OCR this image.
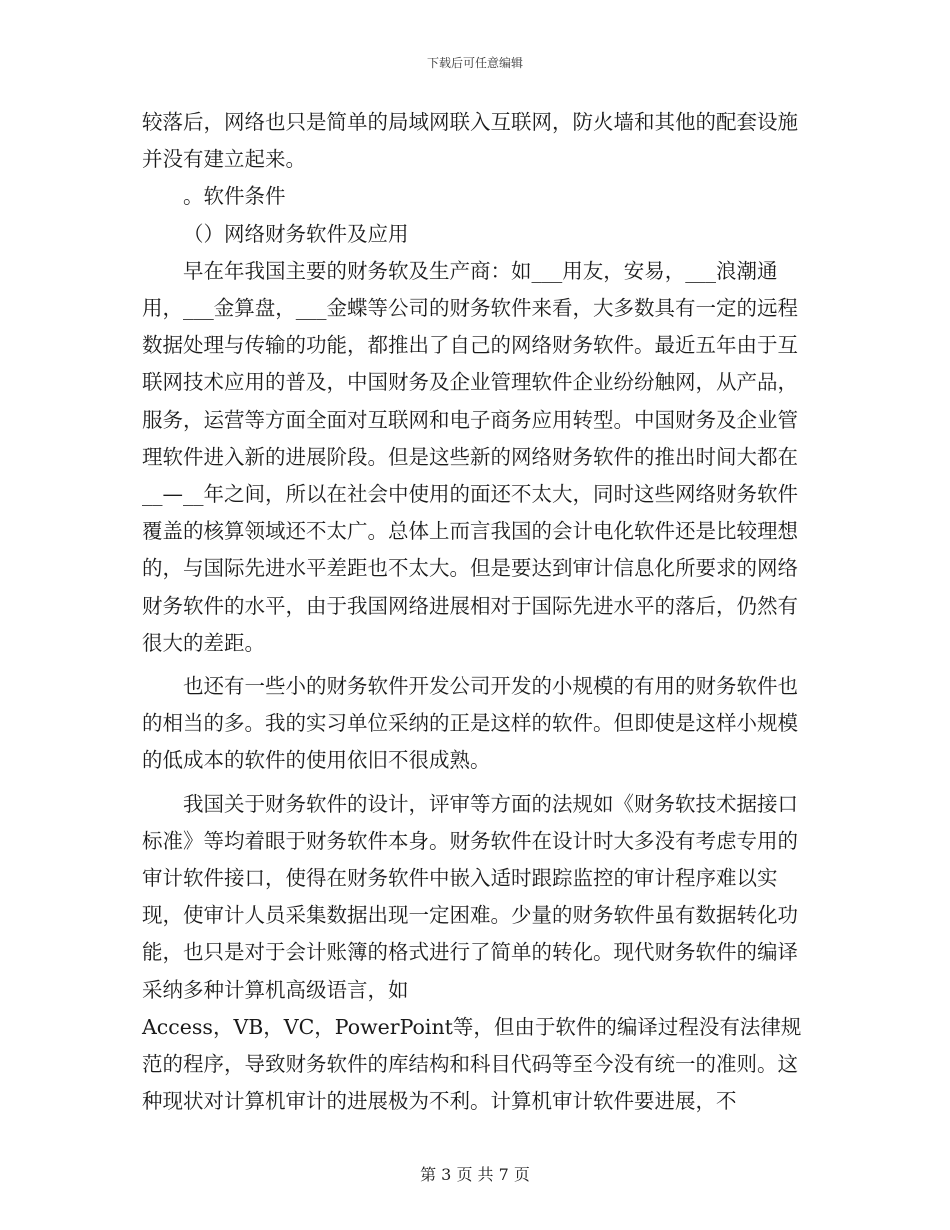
下载后可任意编辑

较落后，网络也只是简单的局域网联入互联网，防火墙和其他的配套设施并没有建立起来。

。软件条件

（）网络财务软件及应用

早在年我国主要的财务软及生产商：如___用友，安易，___浪潮通用，___金算盘，___金蝶等公司的财务软件来看，大多数具有一定的远程数据处理与传输的功能，都推出了自己的网络财务软件。最近五年由于互联网技术应用的普及，中国财务及企业管理软件企业纷纷触网，从产品，服务，运营等方面全面对互联网和电子商务应用转型。中国财务及企业管理软件进入新的进展阶段。但是这些新的网络财务软件的推出时间大都在__—__年之间，所以在社会中使用的面还不太大，同时这些网络财务软件覆盖的核算领域还不太广。总体上而言我国的会计电化软件还是比较理想的，与国际先进水平差距也不太大。但是要达到审计信息化所要求的网络财务软件的水平，由于我国网络进展相对于国际先进水平的落后，仍然有很大的差距。

也还有一些小的财务软件开发公司开发的小规模的有用的财务软件也的相当的多。我的实习单位采纳的正是这样的软件。但即使是这样小规模的低成本的软件的使用依旧不很成熟。

我国关于财务软件的设计，评审等方面的法规如《财务软技术据接口标准》等均着眼于财务软件本身。财务软件在设计时大多没有考虑专用的审计软件接口，使得在财务软件中嵌入适时跟踪监控的审计程序难以实现，使审计人员采集数据出现一定困难。少量的财务软件虽有数据转化功能，也只是对于会计账簿的格式进行了简单的转化。现代财务软件的编译采纳多种计算机高级语言，如

Access，VB，VC，PowerPoint等，但由于软件的编译过程没有法律规范的程序，导致财务软件的库结构和科目代码等至今没有统一的准则。这种现状对计算机审计的进展极为不利。计算机审计软件要进展，不

第 3 页 共 7 页
